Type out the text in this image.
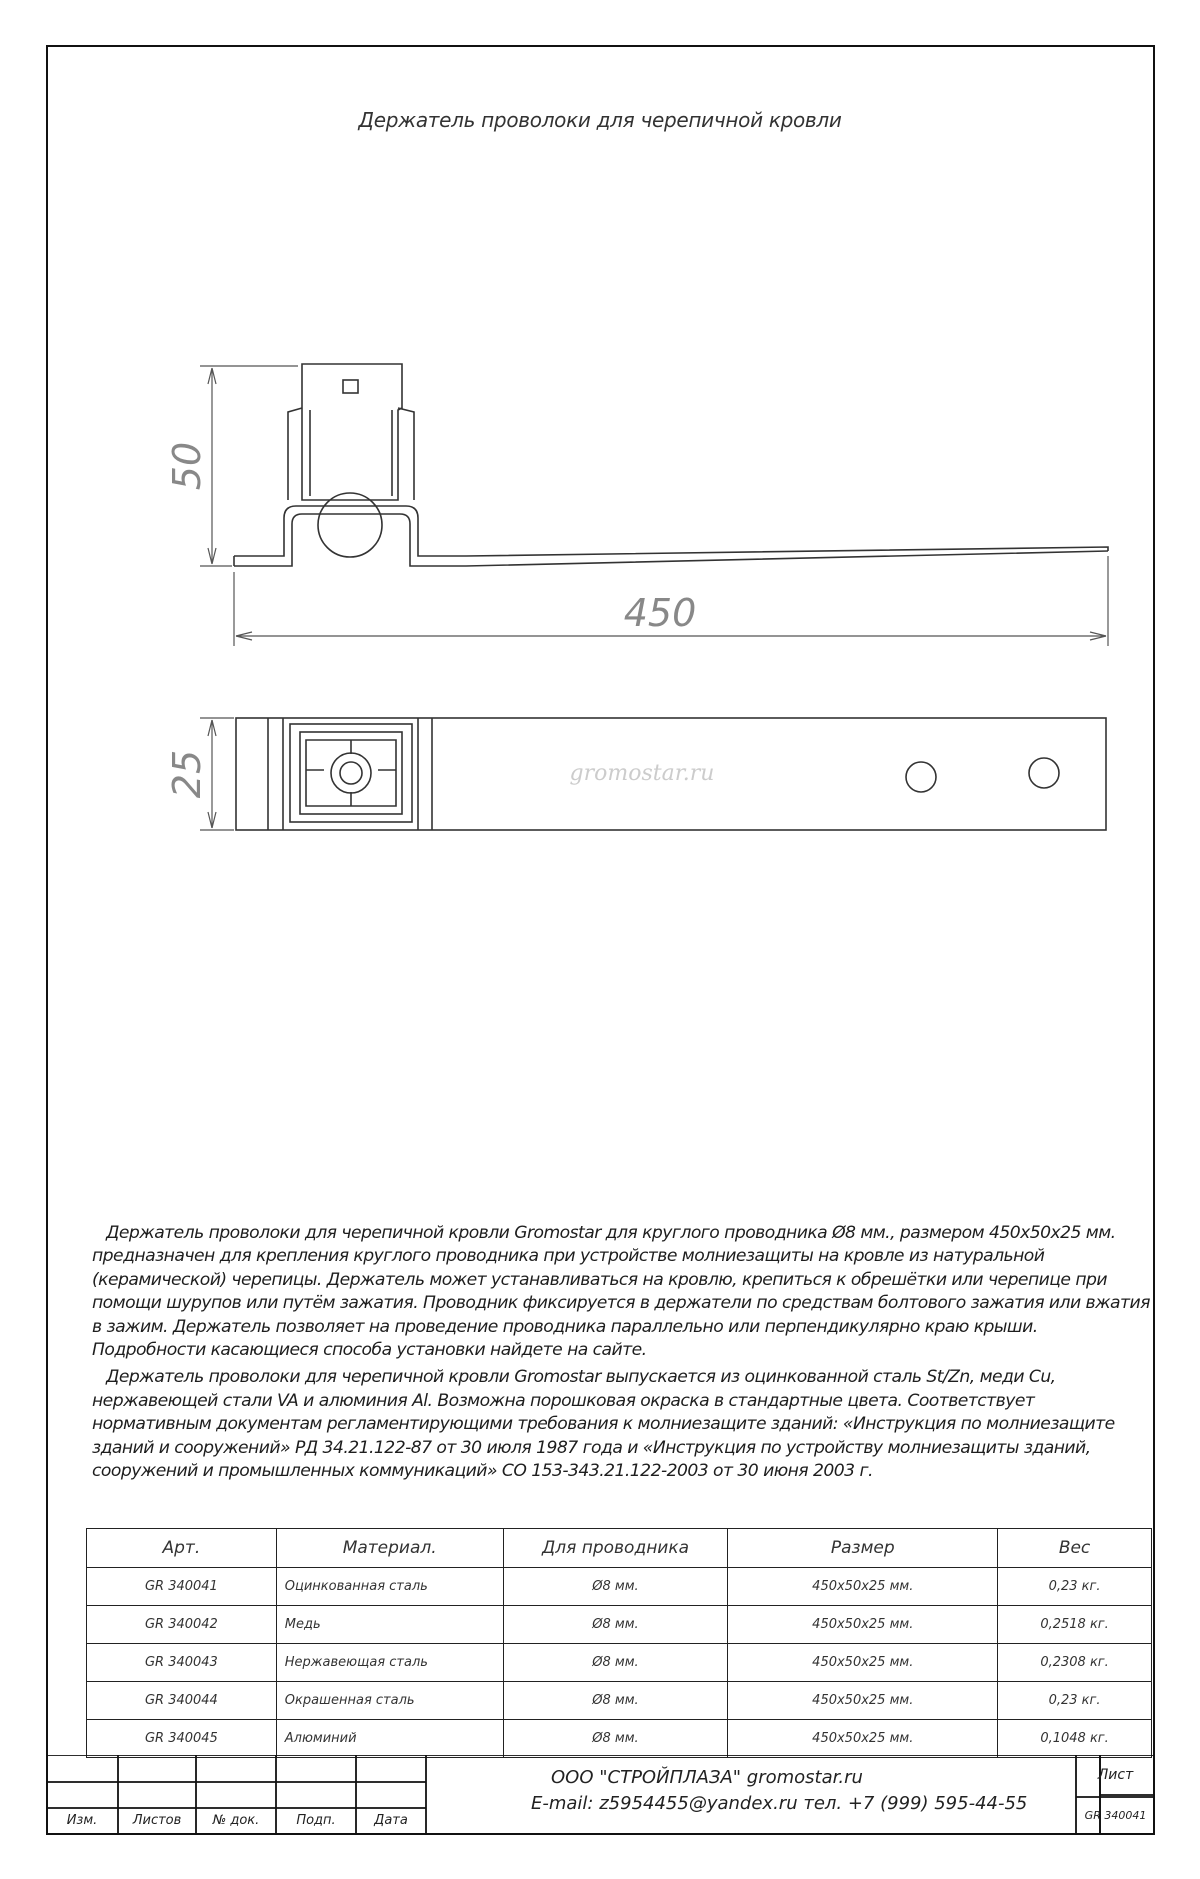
Держатель проволоки для черепичной кровли
50
450
gromostar.ru
25

Держатель проволоки для черепичной кровли Gromostar для круглого проводника Ø8 мм., размером 450х50х25 мм. предназначен для крепления круглого проводника при устройстве молниезащиты на кровле из натуральной (керамической) черепицы. Держатель может устанавливаться на кровлю, крепиться к обрешётки или черепице при помощи шурупов или путём зажатия. Проводник фиксируется в держатели по средствам болтового зажатия или вжатия в зажим. Держатель позволяет на проведение проводника параллельно или перпендикулярно краю крыши. Подробности касающиеся способа установки найдете на сайте.

Держатель проволоки для черепичной кровли Gromostar выпускается из оцинкованной сталь St/Zn, меди Cu, нержавеющей стали VA и алюминия Al. Возможна порошковая окраска в стандартные цвета. Соответствует нормативным документам регламентирующими требования к молниезащите зданий: «Инструкция по молниезащите зданий и сооружений» РД 34.21.122-87 от 30 июля 1987 года и «Инструкция по устройству молниезащиты зданий, сооружений и промышленных коммуникаций» СО 153-343.21.122-2003 от 30 июня 2003 г.

Арт.	Материал.	Для проводника	Размер	Вес
GR 340041	Оцинкованная сталь	Ø8 мм.	450х50х25 мм.	0,23 кг.
GR 340042	Медь	Ø8 мм.	450х50х25 мм.	0,2518 кг.
GR 340043	Нержавеющая сталь	Ø8 мм.	450х50х25 мм.	0,2308 кг.
GR 340044	Окрашенная сталь	Ø8 мм.	450х50х25 мм.	0,23 кг.
GR 340045	Алюминий	Ø8 мм.	450х50х25 мм.	0,1048 кг.
Изм.	Листов	№ док.	Подп.	Дата
ООО "СТРОЙПЛАЗА" gromostar.ru
E-mail: z5954455@yandex.ru тел. +7 (999) 595-44-55
Лист
GR 340041
